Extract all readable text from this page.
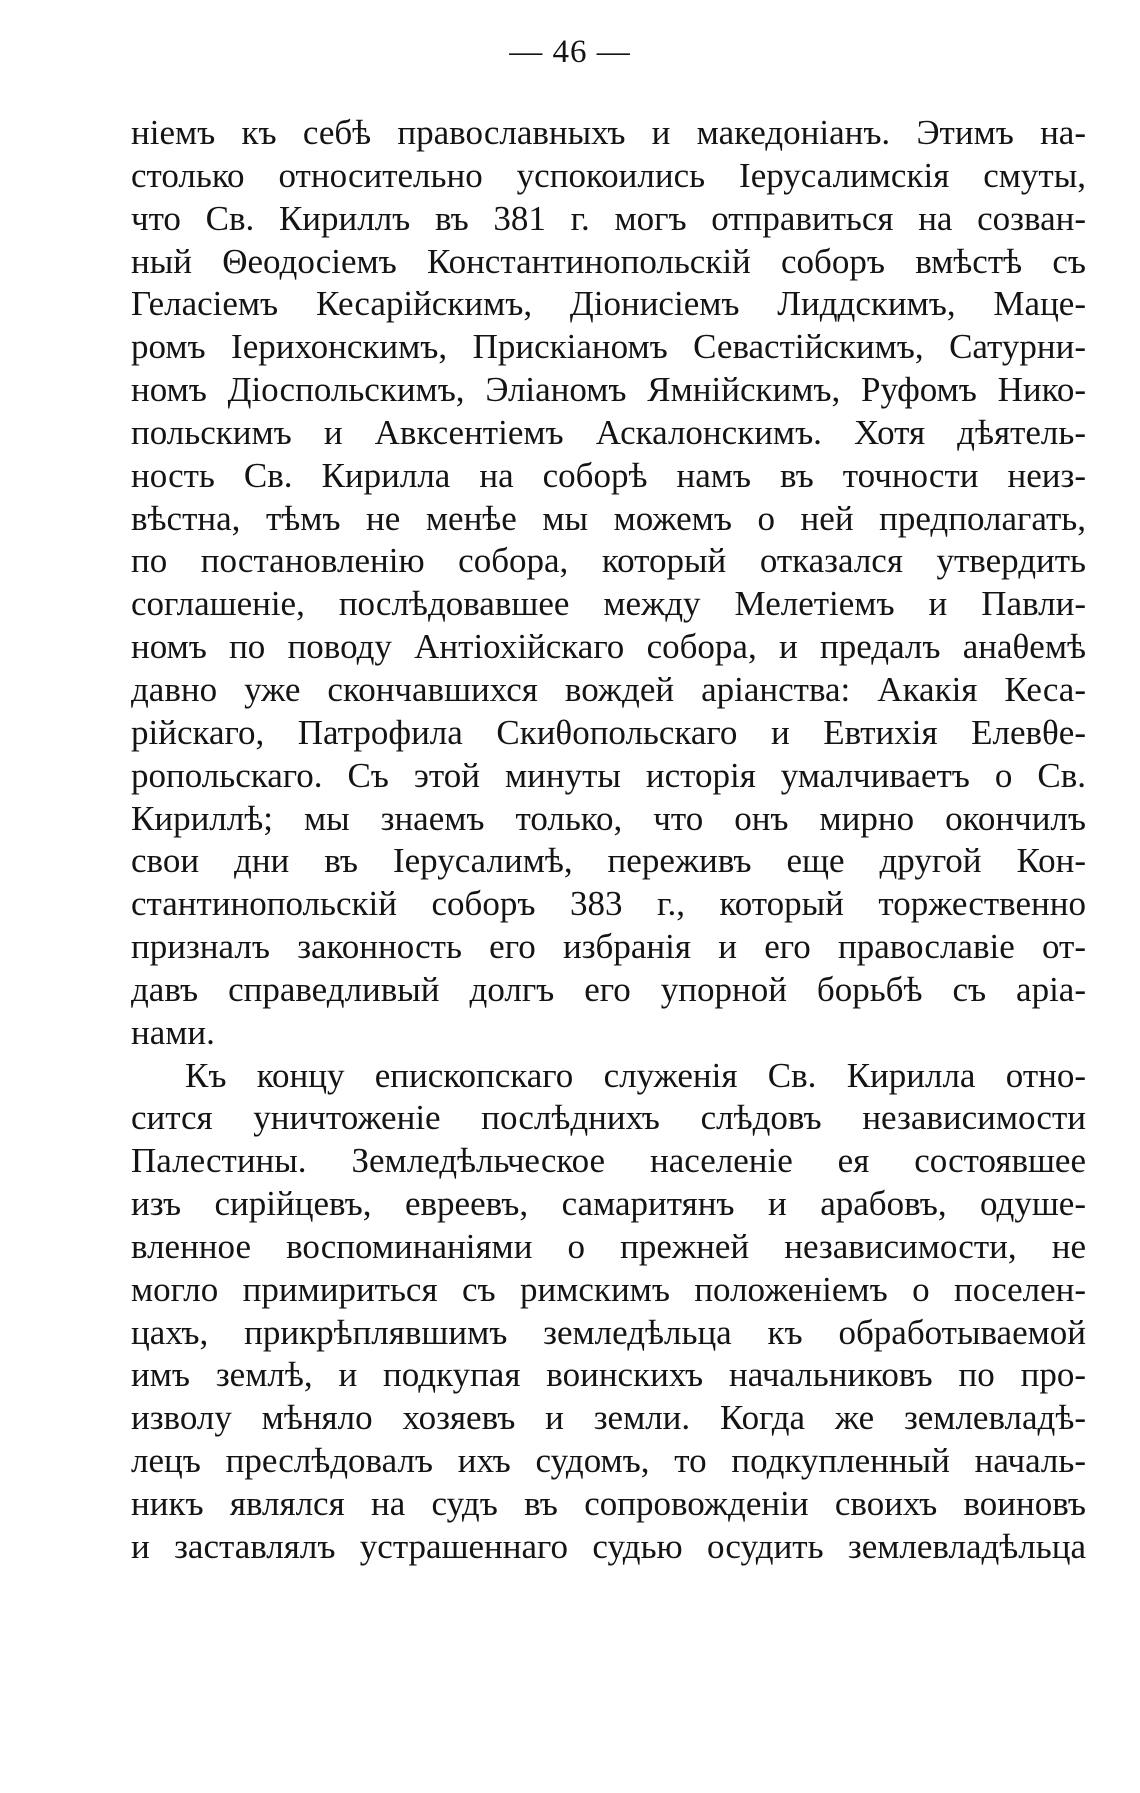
— 46 —
ніемъ къ себѣ православныхъ и македоніанъ. Этимъ на-
столько относительно успокоились Іерусалимскія смуты,
что Св. Кириллъ въ 381 г. могъ отправиться на созван-
ный Θеодосіемъ Константинопольскій соборъ вмѣстѣ съ
Геласіемъ Кесарійскимъ, Діонисіемъ Лиддскимъ, Маце-
ромъ Іерихонскимъ, Прискіаномъ Севастійскимъ, Сатурни-
номъ Діоспольскимъ, Эліаномъ Ямнійскимъ, Руфомъ Нико-
польскимъ и Авксентіемъ Аскалонскимъ. Хотя дѣятель-
ность Св. Кирилла на соборѣ намъ въ точности неиз-
вѣстна, тѣмъ не менѣе мы можемъ о ней предполагать,
по постановленію собора, который отказался утвердить
соглашеніе, послѣдовавшее между Мелетіемъ и Павли-
номъ по поводу Антіохійскаго собора, и предалъ анаθемѣ
давно уже скончавшихся вождей аріанства: Акакія Кеса-
рійскаго, Патрофила Скиθопольскаго и Евтихія Елевθе-
ропольскаго. Съ этой минуты исторія умалчиваетъ о Св.
Кириллѣ; мы знаемъ только, что онъ мирно окончилъ
свои дни въ Іерусалимѣ, переживъ еще другой Кон-
стантинопольскій соборъ 383 г., который торжественно
призналъ законность его избранія и его православіе от-
давъ справедливый долгъ его упорной борьбѣ съ аріа-
нами.
Къ концу епископскаго служенія Св. Кирилла отно-
сится уничтоженіе послѣднихъ слѣдовъ независимости
Палестины. Земледѣльческое населеніе ея состоявшее
изъ сирійцевъ, евреевъ, самаритянъ и арабовъ, одушe-
вленное воспоминаніями о прежней независимости, не
могло примириться съ римскимъ положеніемъ о поселен-
цахъ, прикрѣплявшимъ земледѣльца къ обработываемой
имъ землѣ, и подкупая воинскихъ начальниковъ по про-
изволу мѣняло хозяевъ и земли. Когда же землевладѣ-
лецъ преслѣдовалъ ихъ судомъ, то подкупленный началь-
никъ являлся на судъ въ сопровожденіи своихъ воиновъ
и заставлялъ устрашеннаго судью осудить землевладѣльца
